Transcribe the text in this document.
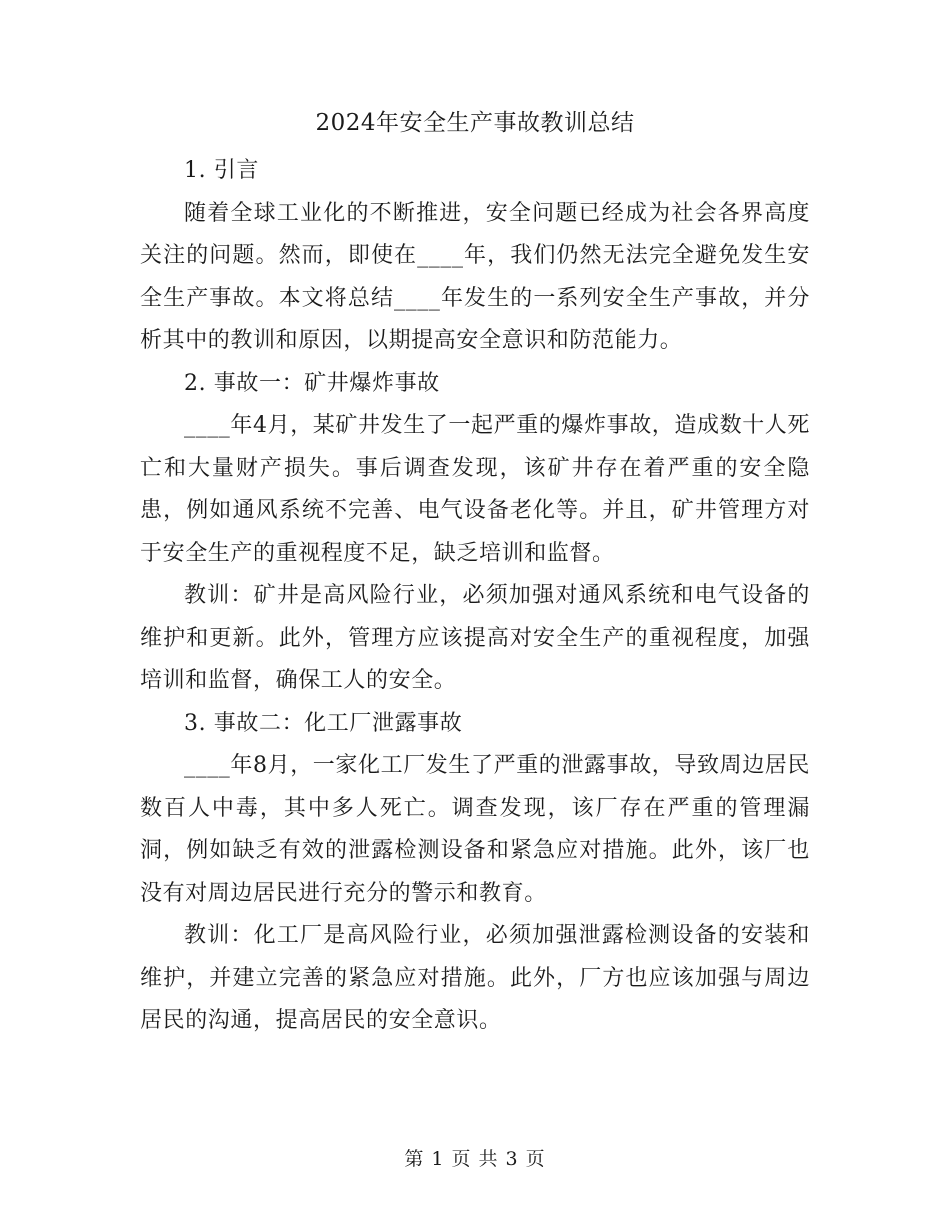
2024年安全生产事故教训总结

1. 引言

随着全球工业化的不断推进，安全问题已经成为社会各界高度关注的问题。然而，即使在____年，我们仍然无法完全避免发生安全生产事故。本文将总结____年发生的一系列安全生产事故，并分析其中的教训和原因，以期提高安全意识和防范能力。

2. 事故一：矿井爆炸事故

____年4月，某矿井发生了一起严重的爆炸事故，造成数十人死亡和大量财产损失。事后调查发现，该矿井存在着严重的安全隐患，例如通风系统不完善、电气设备老化等。并且，矿井管理方对于安全生产的重视程度不足，缺乏培训和监督。

教训：矿井是高风险行业，必须加强对通风系统和电气设备的维护和更新。此外，管理方应该提高对安全生产的重视程度，加强培训和监督，确保工人的安全。

3. 事故二：化工厂泄露事故

____年8月，一家化工厂发生了严重的泄露事故，导致周边居民数百人中毒，其中多人死亡。调查发现，该厂存在严重的管理漏洞，例如缺乏有效的泄露检测设备和紧急应对措施。此外，该厂也没有对周边居民进行充分的警示和教育。

教训：化工厂是高风险行业，必须加强泄露检测设备的安装和维护，并建立完善的紧急应对措施。此外，厂方也应该加强与周边居民的沟通，提高居民的安全意识。

第 1 页 共 3 页
